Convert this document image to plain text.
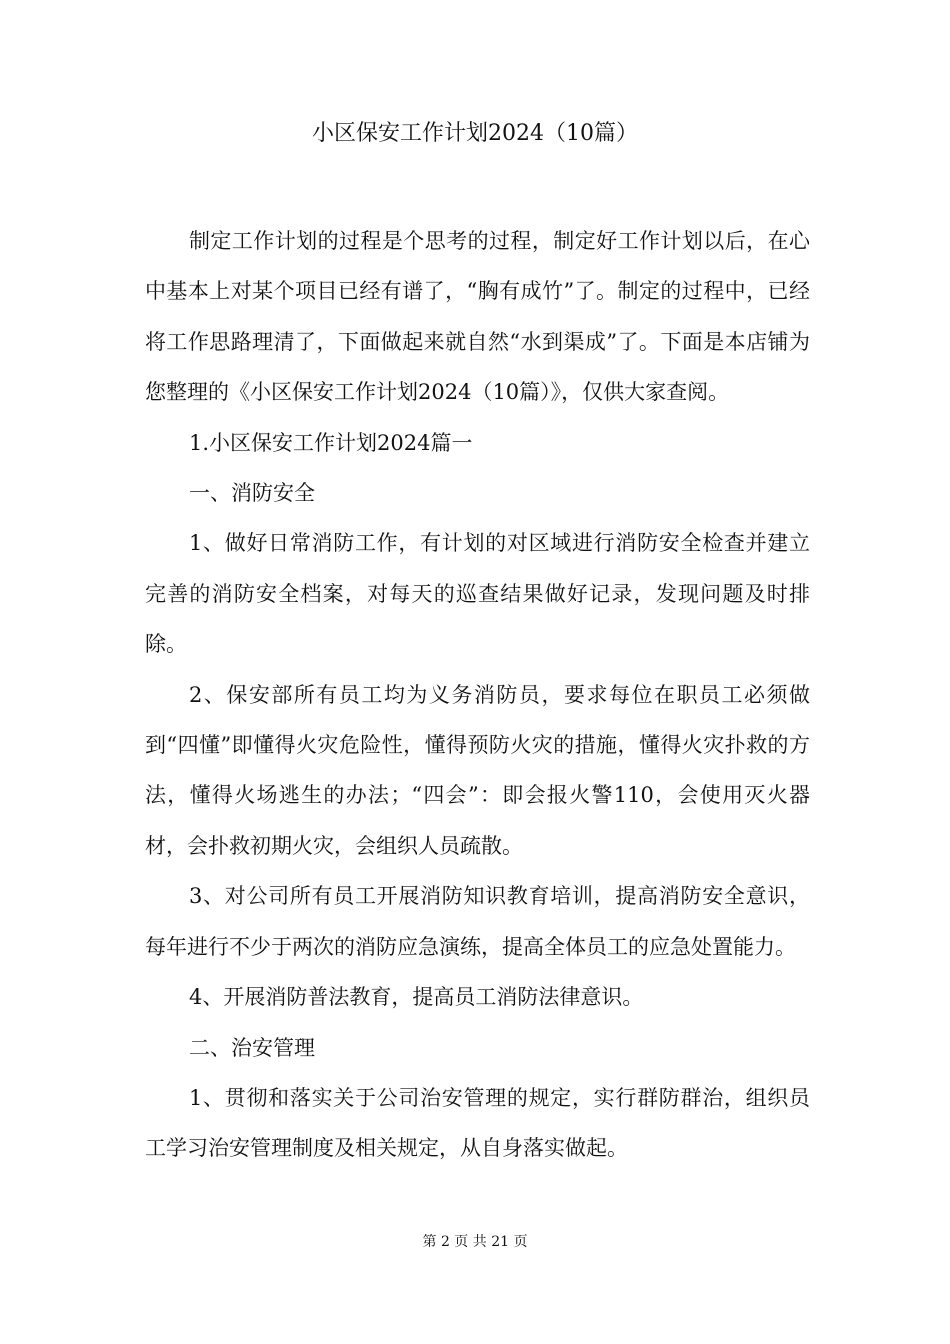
小区保安工作计划2024（10篇）

制定工作计划的过程是个思考的过程，制定好工作计划以后，在心中基本上对某个项目已经有谱了，“胸有成竹”了。制定的过程中，已经将工作思路理清了，下面做起来就自然“水到渠成”了。下面是本店铺为您整理的《小区保安工作计划2024（10篇）》，仅供大家查阅。

1.小区保安工作计划2024篇一

一、消防安全

1、做好日常消防工作，有计划的对区域进行消防安全检查并建立完善的消防安全档案，对每天的巡查结果做好记录，发现问题及时排除。

2、保安部所有员工均为义务消防员，要求每位在职员工必须做到“四懂”即懂得火灾危险性，懂得预防火灾的措施，懂得火灾扑救的方法，懂得火场逃生的办法；“四会”：即会报火警110，会使用灭火器材，会扑救初期火灾，会组织人员疏散。

3、对公司所有员工开展消防知识教育培训，提高消防安全意识，每年进行不少于两次的消防应急演练，提高全体员工的应急处置能力。

4、开展消防普法教育，提高员工消防法律意识。

二、治安管理

1、贯彻和落实关于公司治安管理的规定，实行群防群治，组织员工学习治安管理制度及相关规定，从自身落实做起。

第 2 页 共 21 页
